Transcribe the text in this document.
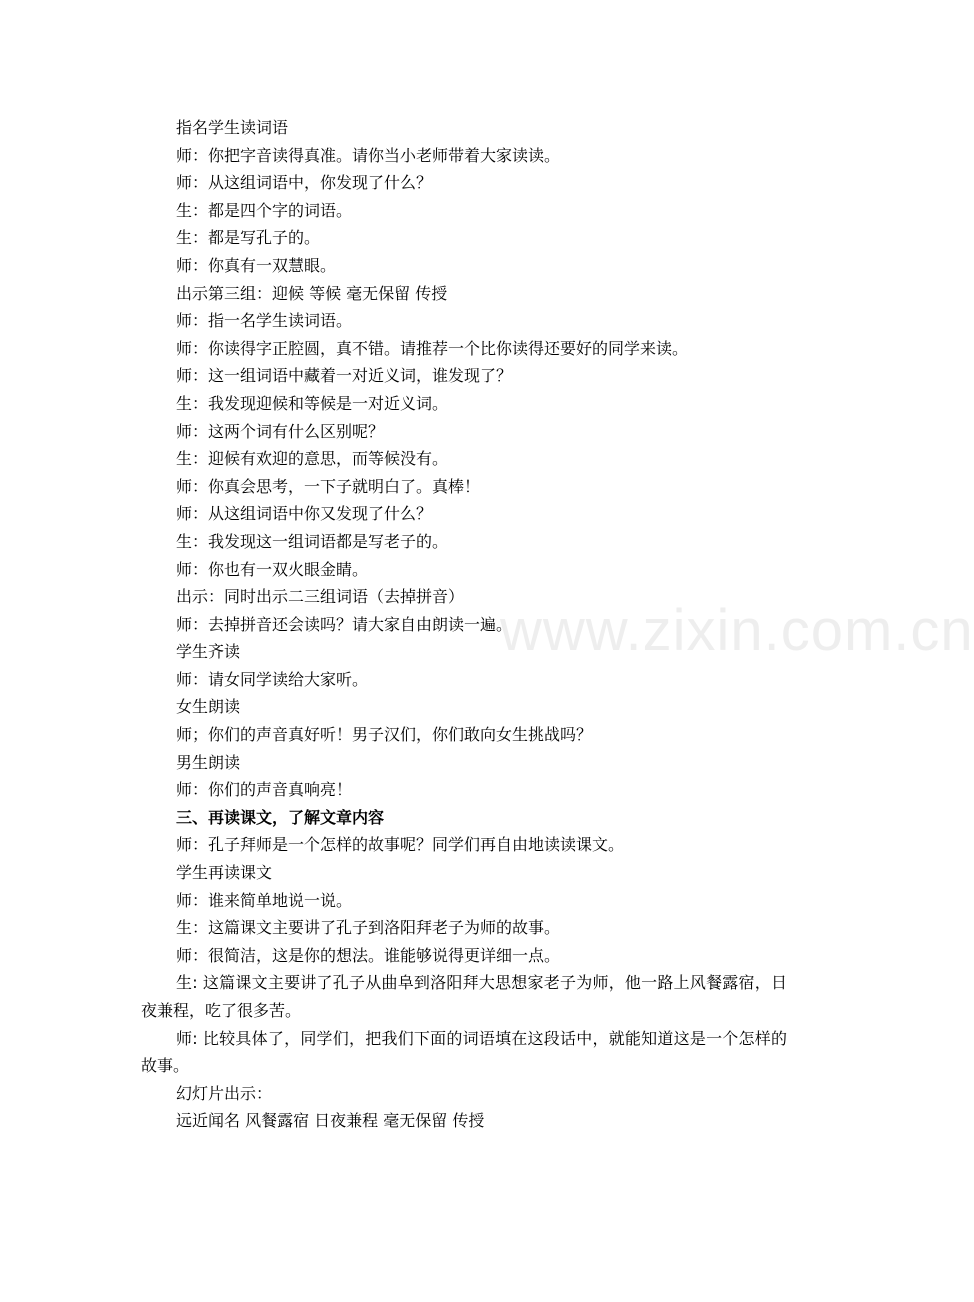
www.zixin.com.cn
指名学生读词语
师：你把字音读得真准。请你当小老师带着大家读读。
师：从这组词语中，你发现了什么？
生：都是四个字的词语。
生：都是写孔子的。
师：你真有一双慧眼。
出示第三组：迎候 等候 毫无保留 传授
师：指一名学生读词语。
师：你读得字正腔圆，真不错。请推荐一个比你读得还要好的同学来读。
师：这一组词语中藏着一对近义词，谁发现了？
生：我发现迎候和等候是一对近义词。
师：这两个词有什么区别呢？
生：迎候有欢迎的意思，而等候没有。
师：你真会思考，一下子就明白了。真棒！
师：从这组词语中你又发现了什么？
生：我发现这一组词语都是写老子的。
师：你也有一双火眼金睛。
出示：同时出示二三组词语（去掉拼音）
师：去掉拼音还会读吗？请大家自由朗读一遍。
学生齐读
师：请女同学读给大家听。
女生朗读
师；你们的声音真好听！男子汉们，你们敢向女生挑战吗？
男生朗读
师：你们的声音真响亮！
三、再读课文，了解文章内容
师：孔子拜师是一个怎样的故事呢？同学们再自由地读读课文。
学生再读课文
师：谁来简单地说一说。
生：这篇课文主要讲了孔子到洛阳拜老子为师的故事。
师：很简洁，这是你的想法。谁能够说得更详细一点。

生: 这篇课文主要讲了孔子从曲阜到洛阳拜大思想家老子为师，他一路上风餐露宿，日夜兼程，吃了很多苦。

师: 比较具体了，同学们，把我们下面的词语填在这段话中，就能知道这是一个怎样的故事。

幻灯片出示：
远近闻名 风餐露宿 日夜兼程 毫无保留 传授
